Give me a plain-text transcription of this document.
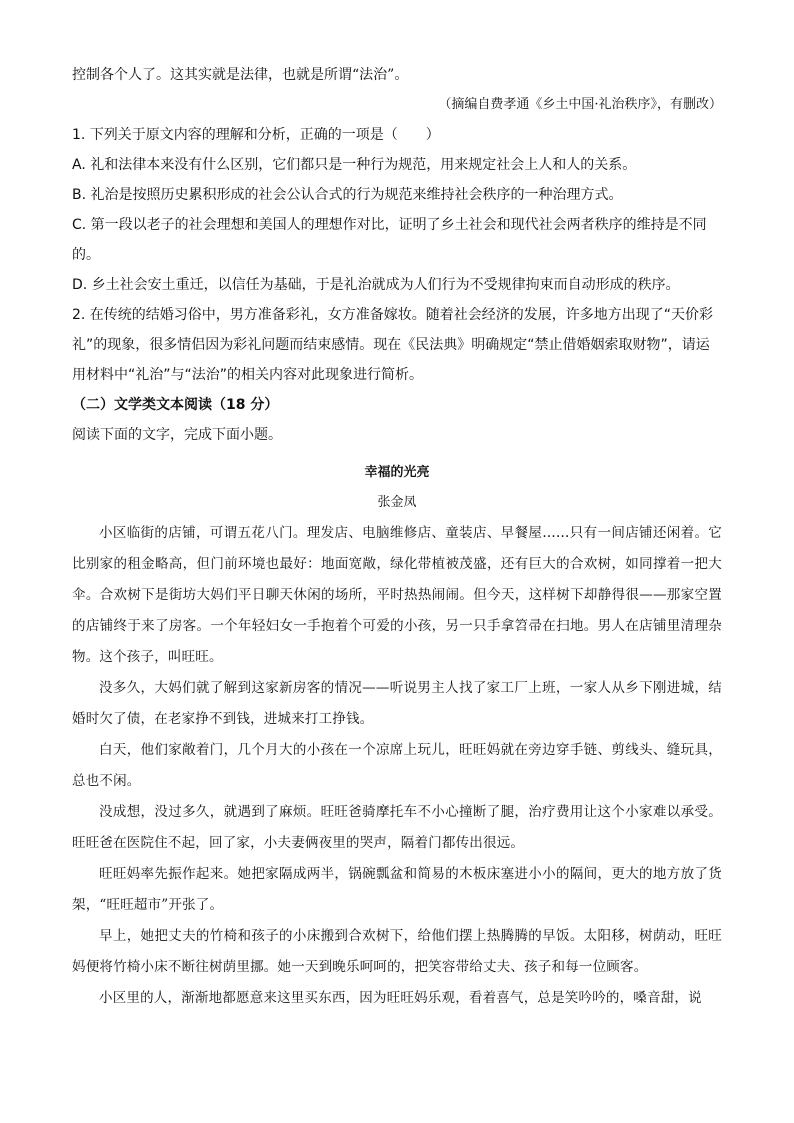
控制各个人了。这其实就是法律，也就是所谓“法治”。

（摘编自费孝通《乡土中国·礼治秩序》，有删改）

1. 下列关于原文内容的理解和分析，正确的一项是（　　）

A. 礼和法律本来没有什么区别，它们都只是一种行为规范，用来规定社会上人和人的关系。

B. 礼治是按照历史累积形成的社会公认合式的行为规范来维持社会秩序的一种治理方式。

C. 第一段以老子的社会理想和美国人的理想作对比，证明了乡土社会和现代社会两者秩序的维持是不同的。

D. 乡土社会安土重迁，以信任为基础，于是礼治就成为人们行为不受规律拘束而自动形成的秩序。

2. 在传统的结婚习俗中，男方准备彩礼，女方准备嫁妆。随着社会经济的发展，许多地方出现了“天价彩礼”的现象，很多情侣因为彩礼问题而结束感情。现在《民法典》明确规定“禁止借婚姻索取财物”，请运用材料中“礼治”与“法治”的相关内容对此现象进行简析。

（二）文学类文本阅读（18 分）

阅读下面的文字，完成下面小题。

幸福的光亮

张金凤

小区临街的店铺，可谓五花八门。理发店、电脑维修店、童装店、早餐屋……只有一间店铺还闲着。它比别家的租金略高，但门前环境也最好：地面宽敞，绿化带植被茂盛，还有巨大的合欢树，如同撑着一把大伞。合欢树下是街坊大妈们平日聊天休闲的场所，平时热热闹闹。但今天，这样树下却静得很——那家空置的店铺终于来了房客。一个年轻妇女一手抱着个可爱的小孩，另一只手拿笤帚在扫地。男人在店铺里清理杂物。这个孩子，叫旺旺。

没多久，大妈们就了解到这家新房客的情况——听说男主人找了家工厂上班，一家人从乡下刚进城，结婚时欠了债，在老家挣不到钱，进城来打工挣钱。

白天，他们家敞着门，几个月大的小孩在一个凉席上玩儿，旺旺妈就在旁边穿手链、剪线头、缝玩具，总也不闲。

没成想，没过多久，就遇到了麻烦。旺旺爸骑摩托车不小心撞断了腿，治疗费用让这个小家难以承受。旺旺爸在医院住不起，回了家，小夫妻俩夜里的哭声，隔着门都传出很远。

旺旺妈率先振作起来。她把家隔成两半，锅碗瓢盆和简易的木板床塞进小小的隔间，更大的地方放了货架，“旺旺超市”开张了。

早上，她把丈夫的竹椅和孩子的小床搬到合欢树下，给他们摆上热腾腾的早饭。太阳移，树荫动，旺旺妈便将竹椅小床不断往树荫里挪。她一天到晚乐呵呵的，把笑容带给丈夫、孩子和每一位顾客。

小区里的人，渐渐地都愿意来这里买东西，因为旺旺妈乐观，看着喜气，总是笑吟吟的，嗓音甜，说
